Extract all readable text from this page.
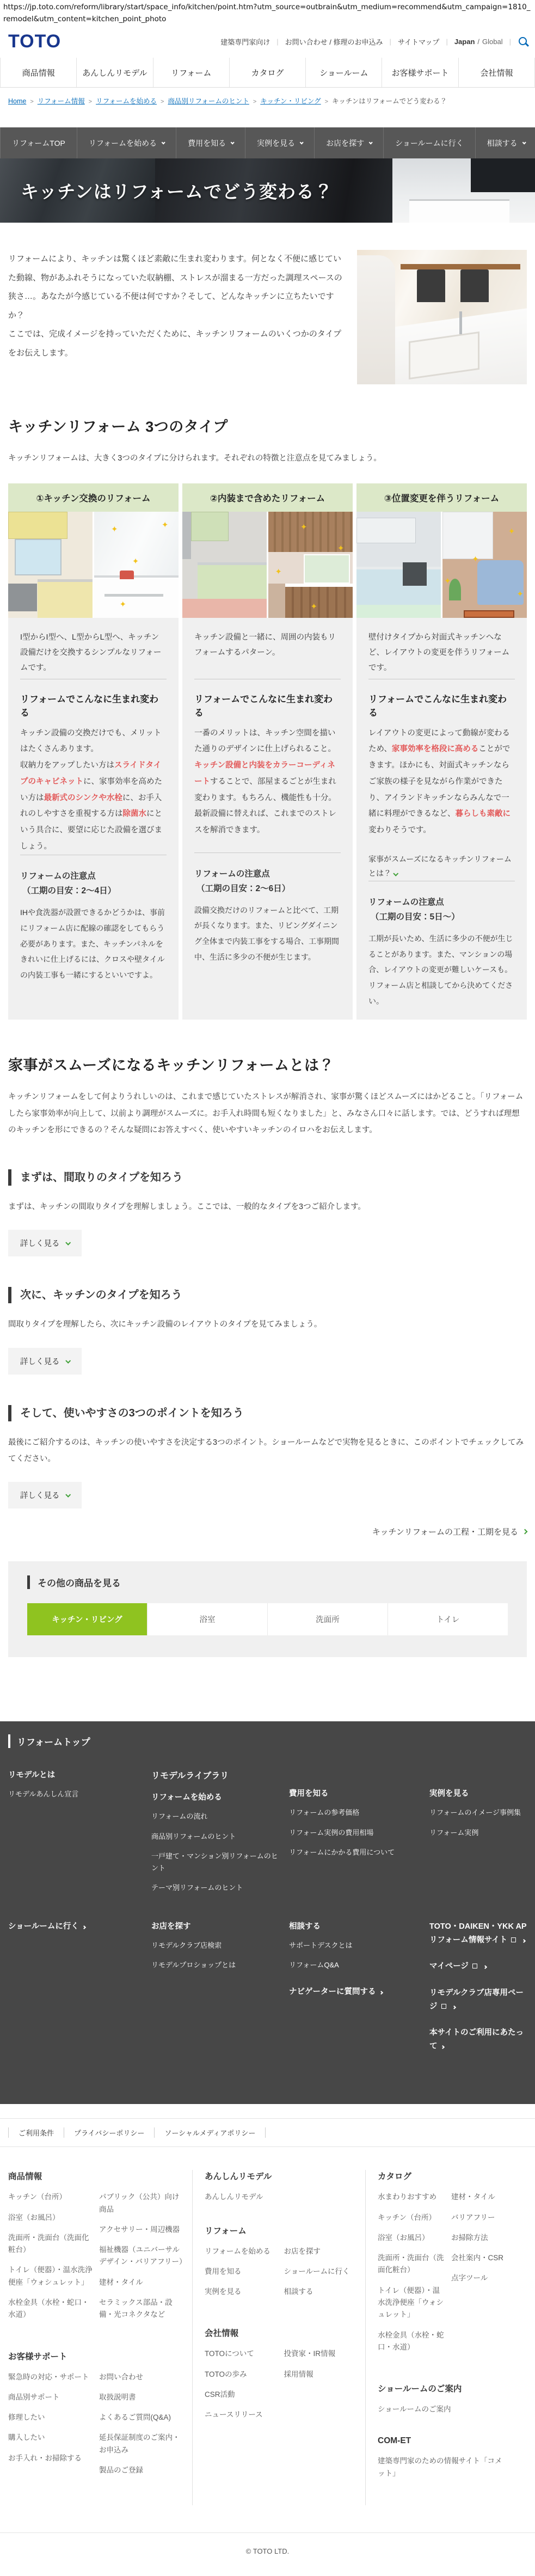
https://jp.toto.com/reform/library/start/space_info/kitchen/point.htm?utm_source=outbrain&utm_medium=recommend&utm_campaign=1810_remodel&utm_content=kitchen_point_photo
TOTO	建築専門家向け | お問い合わせ / 修理のお申込み | サイトマップ | Japan / Global |
商品情報	あんしんリモデル	リフォーム	カタログ	ショールーム	お客様サポート	会社情報
Home > リフォーム情報 > リフォームを始める > 商品別リフォームのヒント > キッチン・リビング > キッチンはリフォームでどう変わる？
リフォームTOP	リフォームを始める	費用を知る	実例を見る	お店を探す	ショールームに行く	相談する
キッチンはリフォームでどう変わる？

リフォームにより、キッチンは驚くほど素敵に生まれ変わります。何となく不便に感じていた動線、物があふれそうになっていた収納棚、ストレスが溜まる一方だった調理スペースの狭さ…。あなたが今感じている不便は何ですか？そして、どんなキッチンに立ちたいですか？

ここでは、完成イメージを持っていただくために、キッチンリフォームのいくつかのタイプをお伝えします。

キッチンリフォーム 3つのタイプ

キッチンリフォームは、大きく3つのタイプに分けられます。それぞれの特徴と注意点を見てみましょう。

①キッチン交換のリフォーム
✦	✦
✦
✦

I型からI型へ、L型からL型へ、キッチン設備だけを交換するシンプルなリフォームです。

リフォームでこんなに生まれ変わる

キッチン設備の交換だけでも、メリットはたくさんあります。
収納力をアップしたい方はスライドタイプのキャビネットに、家事効率を高めたい方は最新式のシンクや水栓に、お手入れのしやすさを重視する方は除菌水にという具合に、要望に応じた設備を選びましょう。

リフォームの注意点
（工期の目安：2～4日）

IHや食洗器が設置できるかどうかは、事前にリフォーム店に配線の確認をしてもらう必要があります。また、キッチンパネルをきれいに仕上げるには、クロスや壁タイルの内装工事も一緒にするといいですよ。

②内装まで含めたリフォーム
✦
✦
✦
✦

キッチン設備と一緒に、周囲の内装もリフォームするパターン。

リフォームでこんなに生まれ変わる

一番のメリットは、キッチン空間を描いた通りのデザインに仕上げられること。キッチン設備と内装をカラーコーディネートすることで、部屋まるごとが生まれ変わります。もちろん、機能性も十分。最新設備に替えれば、これまでのストレスを解消できます。

リフォームの注意点
（工期の目安：2～6日）

設備交換だけのリフォームと比べて、工期が長くなります。また、リビングダイニング全体まで内装工事をする場合、工事期間中、生活に多少の不便が生じます。

③位置変更を伴うリフォーム
✦
✦
✦
✦

壁付けタイプから対面式キッチンへなど、レイアウトの変更を伴うリフォームです。

リフォームでこんなに生まれ変わる

レイアウトの変更によって動線が変わるため、家事効率を格段に高めることができます。ほかにも、対面式キッチンならご家族の様子を見ながら作業ができたり、アイランドキッチンならみんなで一緒に料理ができるなど、暮らしも素敵に変わりそうです。

家事がスムーズになるキッチンリフォームとは？
リフォームの注意点
（工期の目安：5日～）

工期が長いため、生活に多少の不便が生じることがあります。また、マンションの場合、レイアウトの変更が難しいケースも。リフォーム店と相談してから決めてください。

家事がスムーズになるキッチンリフォームとは？

キッチンリフォームをして何よりうれしいのは、これまで感じていたストレスが解消され、家事が驚くほどスムーズにはかどること。「リフォームしたら家事効率が向上して、以前より調理がスムーズに。お手入れ時間も短くなりました」と、みなさん口々に話します。では、どうすれば理想のキッチンを形にできるの？そんな疑問にお答えすべく、使いやすいキッチンのイロハをお伝えします。

まずは、間取りのタイプを知ろう

まずは、キッチンの間取りタイプを理解しましょう。ここでは、一般的なタイプを3つご紹介します。

詳しく見る
次に、キッチンのタイプを知ろう

間取りタイプを理解したら、次にキッチン設備のレイアウトのタイプを見てみましょう。

詳しく見る
そして、使いやすさの3つのポイントを知ろう

最後にご紹介するのは、キッチンの使いやすさを決定する3つのポイント。ショールームなどで実物を見るときに、このポイントでチェックしてみてください。

詳しく見る

キッチンリフォームの工程・工期を見る

その他の商品を見る
キッチン・リビング	浴室	洗面所	トイレ
リフォームトップ
リモデルとは
リモデルあんしん宣言
リモデルライブラリ
リフォームを始める
リフォームの流れ
商品別リフォームのヒント
一戸建て・マンション別リフォームのヒント
テーマ別リフォームのヒント
費用を知る
リフォームの参考価格
リフォーム実例の費用相場
リフォームにかかる費用について
実例を見る
リフォームのイメージ事例集
リフォーム実例
ショールームに行く	お店を探す
リモデルクラブ店検索
リモデルプロショップとは
相談する
サポートデスクとは
リフォームQ&A
ナビゲーターに質問する
TOTO・DAIKEN・YKK AP リフォーム情報サイト
マイページ
リモデルクラブ店専用ページ
本サイトのご利用にあたって
ご利用条件	プライバシーポリシー	ソーシャルメディアポリシー
商品情報
キッチン（台所）
浴室（お風呂）
洗面所・洗面台（洗面化粧台）
トイレ（便器）・温水洗浄便座「ウォシュレット」
水栓金具（水栓・蛇口・水道）
パブリック（公共）向け商品
アクセサリー・周辺機器
福祉機器（ユニバーサルデザイン・バリアフリー）
建材・タイル
セラミックス部品・設備・光コネクタなど
お客様サポート
緊急時の対応・サポート
商品別サポート
修理したい
購入したい
お手入れ・お掃除する
お問い合わせ
取扱説明書
よくあるご質問(Q&A)
延長保証制度のご案内・お申込み
製品のご登録
あんしんリモデル
あんしんリモデル
リフォーム
リフォームを始める
費用を知る
実例を見る
お店を探す
ショールームに行く
相談する
会社情報
TOTOについて
TOTOの歩み
CSR活動
ニュースリリース
投資家・IR情報
採用情報
カタログ
水まわりおすすめ
キッチン（台所）
浴室（お風呂）
洗面所・洗面台（洗面化粧台）
トイレ（便器）・温水洗浄便座「ウォシュレット」
水栓金具（水栓・蛇口・水道）
建材・タイル
バリアフリー
お掃除方法
会社案内・CSR
点字ツール
ショールームのご案内
ショールームのご案内
COM-ET
建築専門家のための情報サイト「コメット」
© TOTO LTD.
